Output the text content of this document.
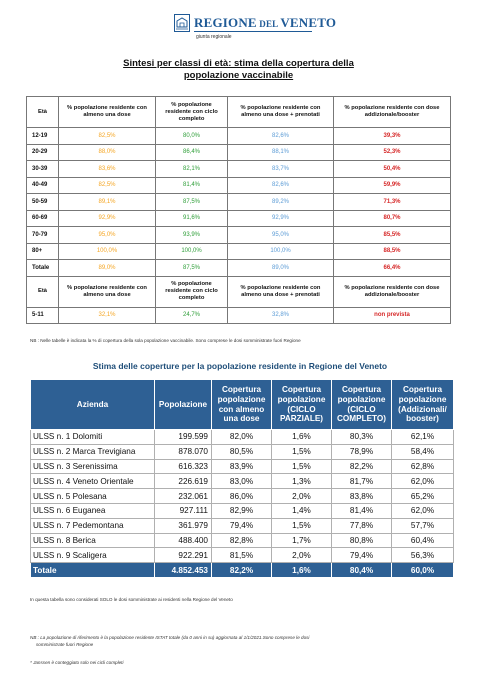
REGIONE DEL VENETO
giunta regionale
Sintesi per classi di età: stima della copertura della
popolazione vaccinabile
Età	% popolazione residente con almeno una dose	% popolazione residente con ciclo completo	% popolazione residente con almeno una dose + prenotati	% popolazione residente con dose addizionale/booster
12-19	82,5%	80,0%	82,6%	39,3%
20-29	88,0%	86,4%	88,1%	52,3%
30-39	83,6%	82,1%	83,7%	50,4%
40-49	82,5%	81,4%	82,6%	59,9%
50-59	89,1%	87,5%	89,2%	71,3%
60-69	92,9%	91,6%	92,9%	80,7%
70-79	95,0%	93,9%	95,0%	85,5%
80+	100,0%	100,0%	100,0%	88,5%
Totale	89,0%	87,5%	89,0%	66,4%
Età	% popolazione residente con almeno una dose	% popolazione residente con ciclo completo	% popolazione residente con almeno una dose + prenotati	% popolazione residente con dose addizionale/booster
5-11	32,1%	24,7%	32,8%	non prevista
NB : Nelle tabelle è indicata la % di copertura della sola popolazione vaccinabile. Sono comprese le dosi somministrate fuori Regione
Stima delle coperture per la popolazione residente in Regione del Veneto
Azienda	Popolazione	Copertura popolazione con almeno una dose	Copertura popolazione (CICLO PARZIALE)	Copertura popolazione (CICLO COMPLETO)	Copertura popolazione (Addizionali/ booster)
ULSS n. 1 Dolomiti	199.599	82,0%	1,6%	80,3%	62,1%
ULSS n. 2 Marca Trevigiana	878.070	80,5%	1,5%	78,9%	58,4%
ULSS n. 3 Serenissima	616.323	83,9%	1,5%	82,2%	62,8%
ULSS n. 4 Veneto Orientale	226.619	83,0%	1,3%	81,7%	62,0%
ULSS n. 5 Polesana	232.061	86,0%	2,0%	83,8%	65,2%
ULSS n. 6 Euganea	927.111	82,9%	1,4%	81,4%	62,0%
ULSS n. 7 Pedemontana	361.979	79,4%	1,5%	77,8%	57,7%
ULSS n. 8 Berica	488.400	82,8%	1,7%	80,8%	60,4%
ULSS n. 9 Scaligera	922.291	81,5%	2,0%	79,4%	56,3%
Totale	4.852.453	82,2%	1,6%	80,4%	60,0%
In questa tabella sono considerati SOLO le dosi somministrate ai residenti nella Regione del Veneto
NB : La popolazione di riferimento è la popolazione residente ISTAT totale (da 0 anni in su) aggiornata al 1/1/2021.Sono comprese le dosi
somministrate fuori Regione
* Janssen è conteggiato solo nei cicli completi
